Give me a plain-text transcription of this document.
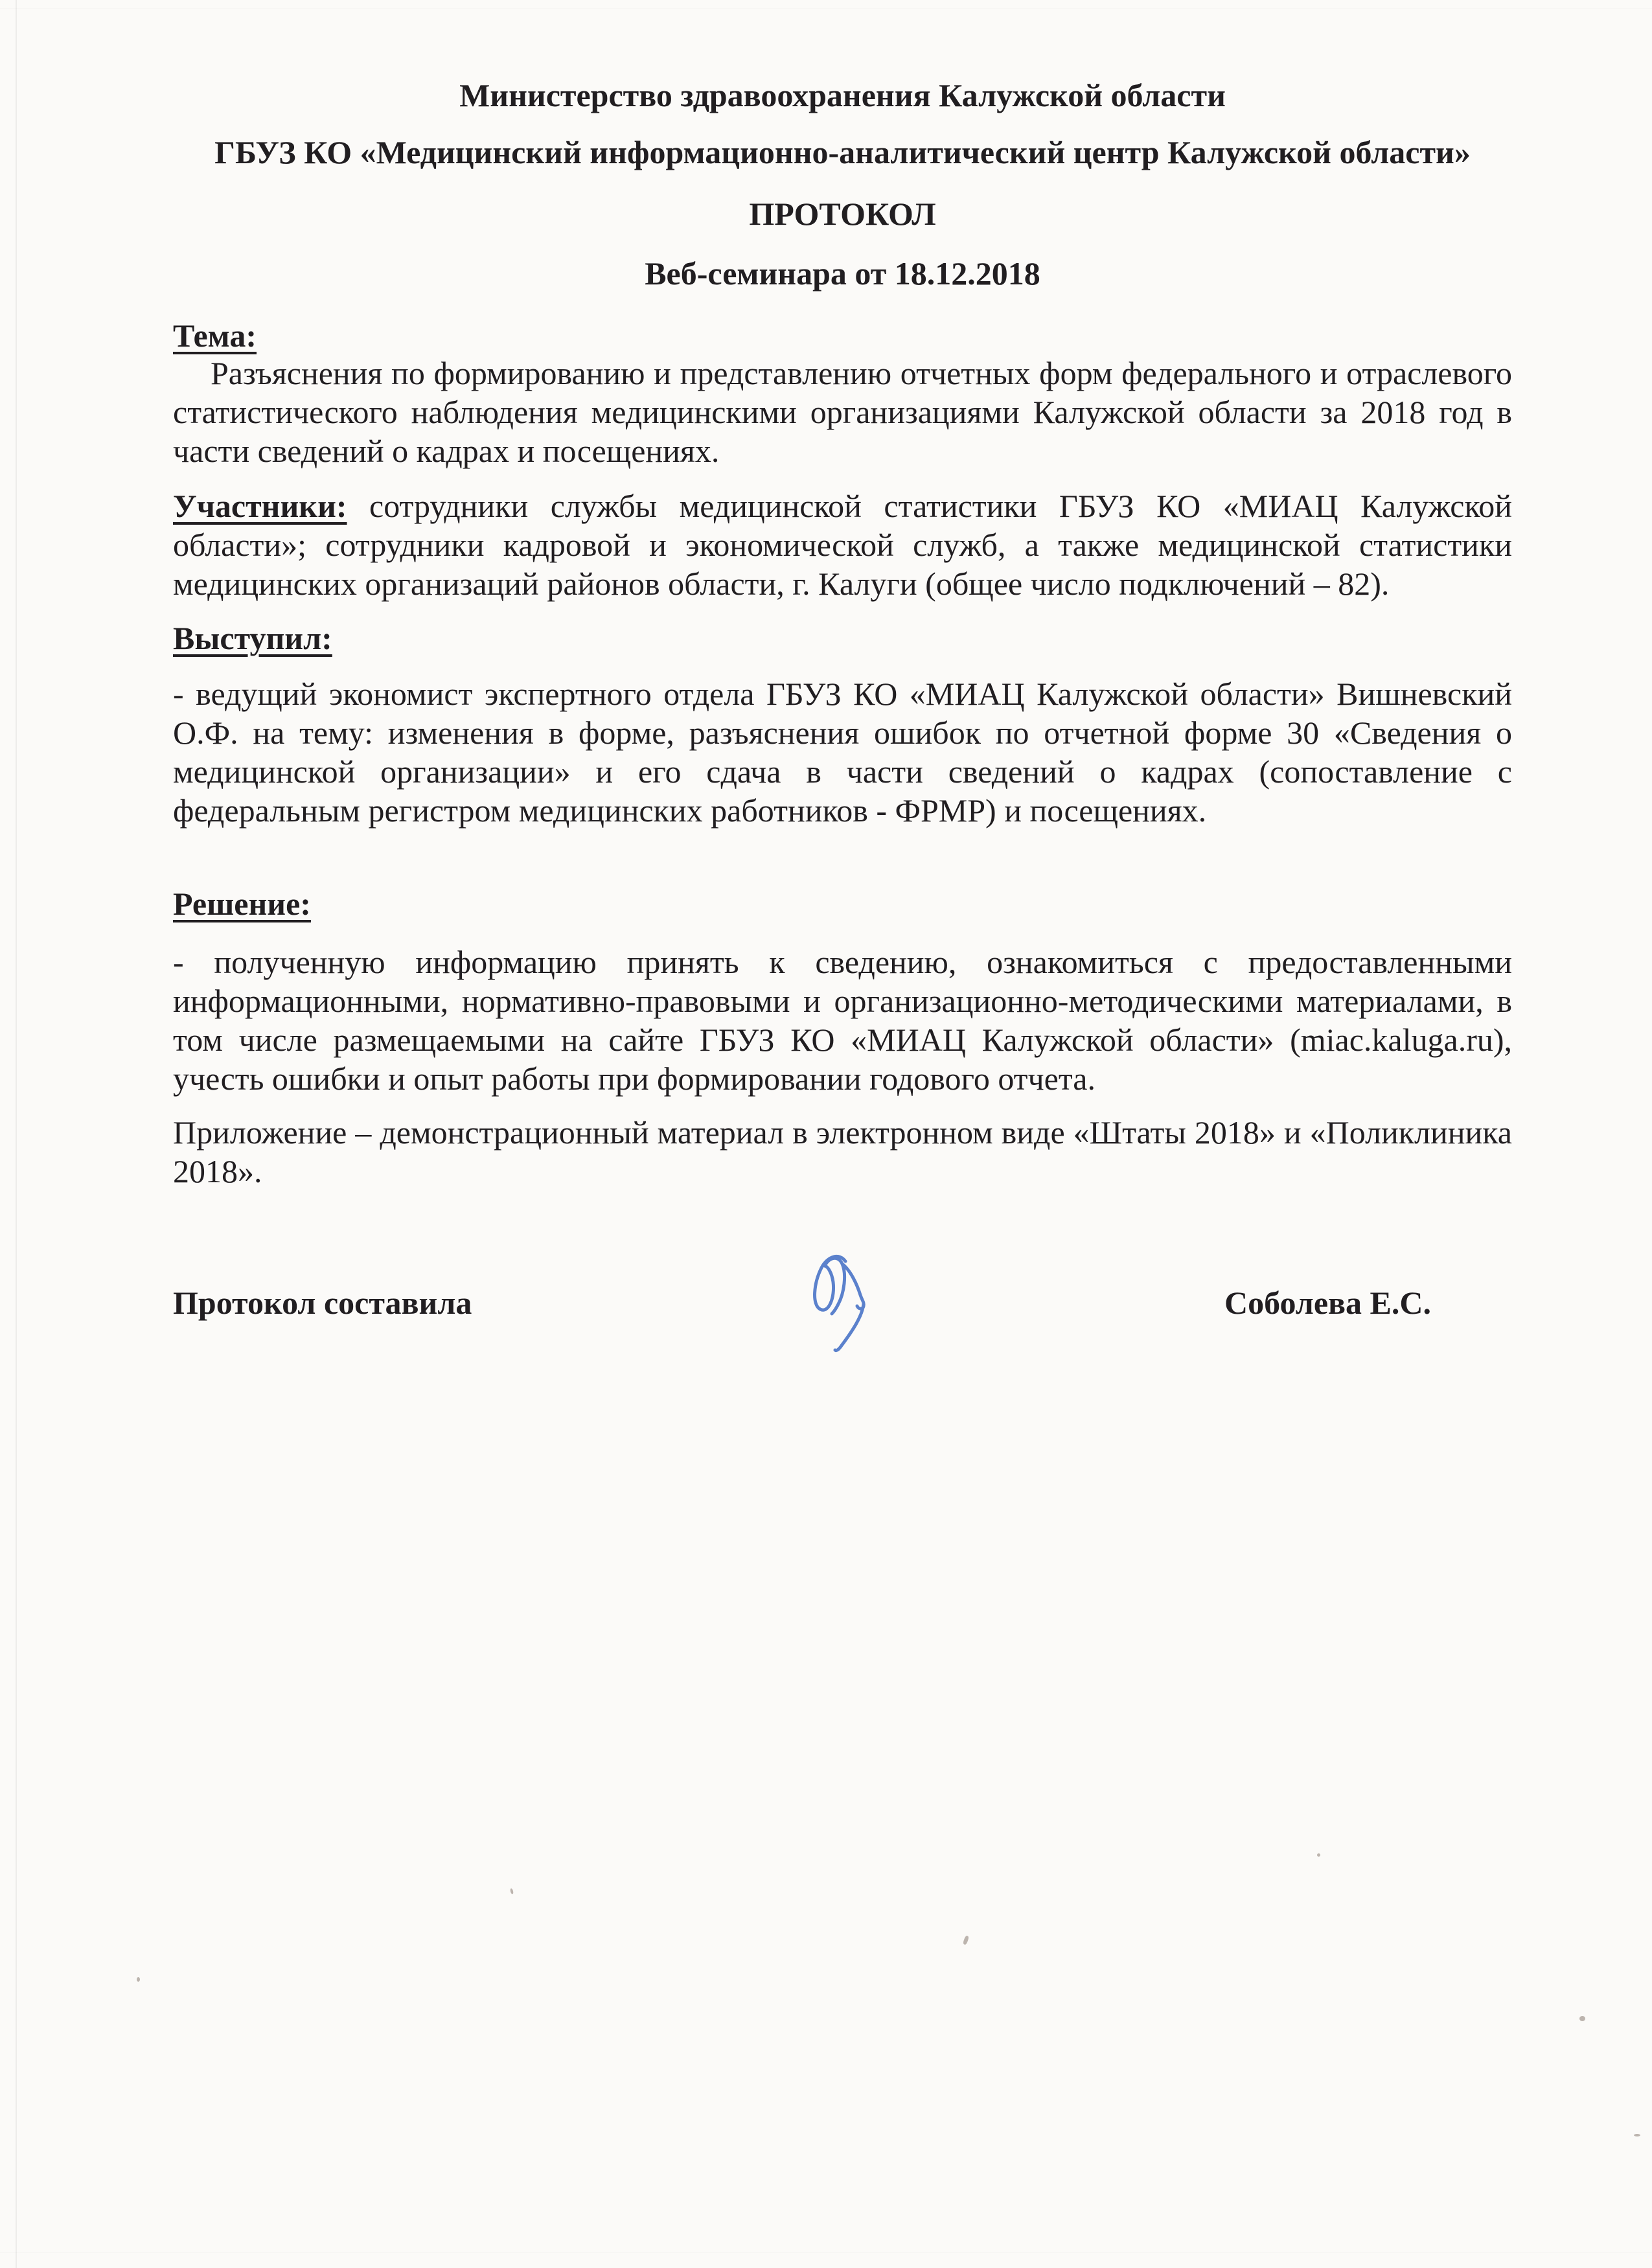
Министерство здравоохранения Калужской области

ГБУЗ КО «Медицинский информационно-аналитический центр Калужской области»

ПРОТОКОЛ

Веб-семинара от 18.12.2018

Тема:

Разъяснения по формированию и представлению отчетных форм федерального и отраслевого статистического наблюдения медицинскими организациями Калужской области за 2018 год в части сведений о кадрах и посещениях.

Участники: сотрудники службы медицинской статистики ГБУЗ КО «МИАЦ Калужской области»; сотрудники кадровой и экономической служб, а также медицинской статистики медицинских организаций районов области, г. Калуги (общее число подключений – 82).

Выступил:

- ведущий экономист экспертного отдела ГБУЗ КО «МИАЦ Калужской области» Вишневский О.Ф. на тему: изменения в форме, разъяснения ошибок по отчетной форме 30 «Сведения о медицинской организации» и его сдача в части сведений о кадрах (сопоставление с федеральным регистром медицинских работников - ФРМР) и посещениях.

Решение:

- полученную информацию принять к сведению, ознакомиться с предоставленными информационными, нормативно-правовыми и организационно-методическими материалами, в том числе размещаемыми на сайте ГБУЗ КО «МИАЦ Калужской области» (miac.kaluga.ru), учесть ошибки и опыт работы при формировании годового отчета.

Приложение – демонстрационный материал в электронном виде «Штаты 2018» и «Поликлиника 2018».

Протокол составила	Соболева Е.С.
